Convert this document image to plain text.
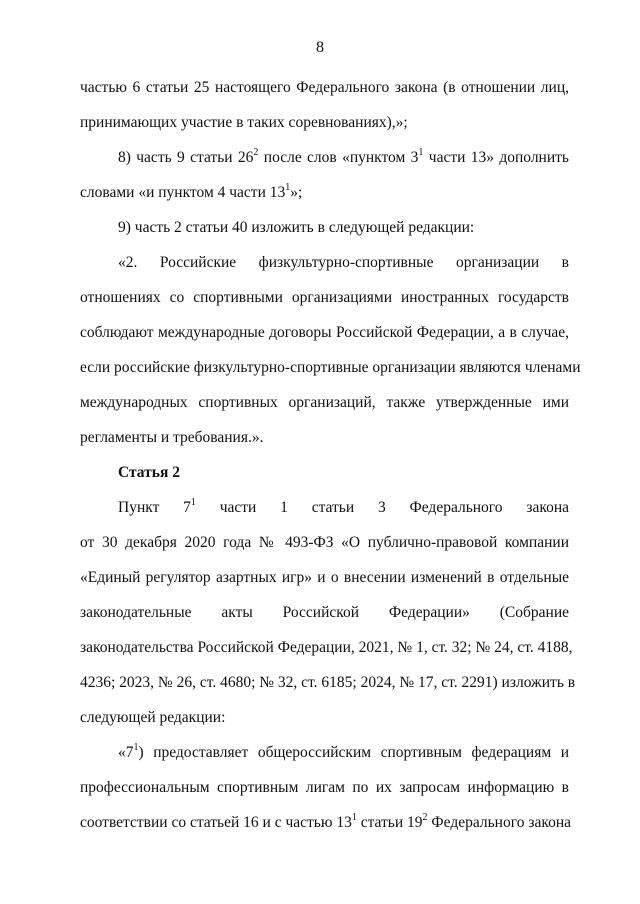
8
частью 6 статьи 25 настоящего Федерального закона (в отношении лиц,
принимающих участие в таких соревнованиях),»;
8) часть 9 статьи $26^2$ после слов «пунктом $3^1$ части 13» дополнить
словами «и пунктом 4 части $13^1$»;
9) часть 2 статьи 40 изложить в следующей редакции:
«2. Российские физкультурно-спортивные организации в
отношениях со спортивными организациями иностранных государств
соблюдают международные договоры Российской Федерации, а в случае,
если российские физкультурно-спортивные организации являются членами
международных спортивных организаций, также утвержденные ими
регламенты и требования.».
Статья 2
Пункт $7^1$ части 1 статьи 3 Федерального закона
от 30 декабря 2020 года № 493-ФЗ «О публично-правовой компании
«Единый регулятор азартных игр» и о внесении изменений в отдельные
законодательные акты Российской Федерации» (Собрание
законодательства Российской Федерации, 2021, № 1, ст. 32; № 24, ст. 4188,
4236; 2023, № 26, ст. 4680; № 32, ст. 6185; 2024, № 17, ст. 2291) изложить в
следующей редакции:
«$7^1$) предоставляет общероссийским спортивным федерациям и
профессиональным спортивным лигам по их запросам информацию в
соответствии со статьей 16 и с частью $13^1$ статьи $19^2$ Федерального закона
